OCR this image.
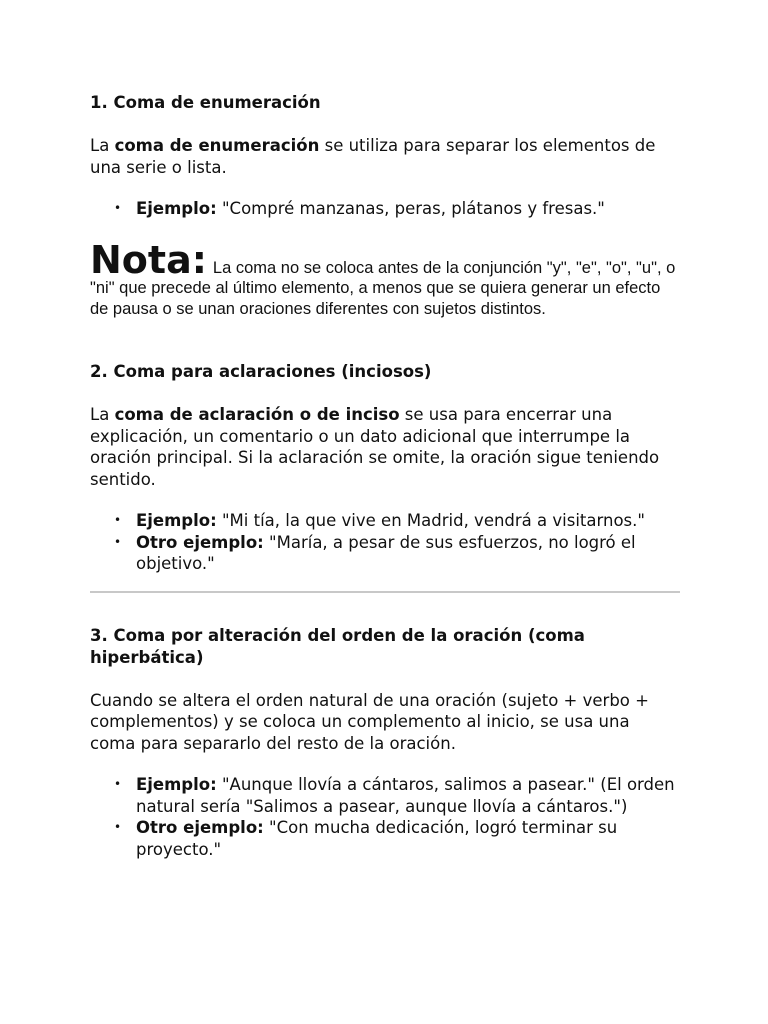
1. Coma de enumeración

La coma de enumeración se utiliza para separar los elementos de una serie o lista.

• Ejemplo: "Compré manzanas, peras, plátanos y fresas."
Nota: La coma no se coloca antes de la conjunción "y", "e", "o", "u", o "ni" que precede al último elemento, a menos que se quiera generar un efecto de pausa o se unan oraciones diferentes con sujetos distintos.
2. Coma para aclaraciones (inciosos)

La coma de aclaración o de inciso se usa para encerrar una explicación, un comentario o un dato adicional que interrumpe la oración principal. Si la aclaración se omite, la oración sigue teniendo sentido.

• Ejemplo: "Mi tía, la que vive en Madrid, vendrá a visitarnos."
• Otro ejemplo: "María, a pesar de sus esfuerzos, no logró el objetivo."
3. Coma por alteración del orden de la oración (coma hiperbática)

Cuando se altera el orden natural de una oración (sujeto + verbo + complementos) y se coloca un complemento al inicio, se usa una coma para separarlo del resto de la oración.

• Ejemplo: "Aunque llovía a cántaros, salimos a pasear." (El orden natural sería "Salimos a pasear, aunque llovía a cántaros.")
• Otro ejemplo: "Con mucha dedicación, logró terminar su proyecto."
